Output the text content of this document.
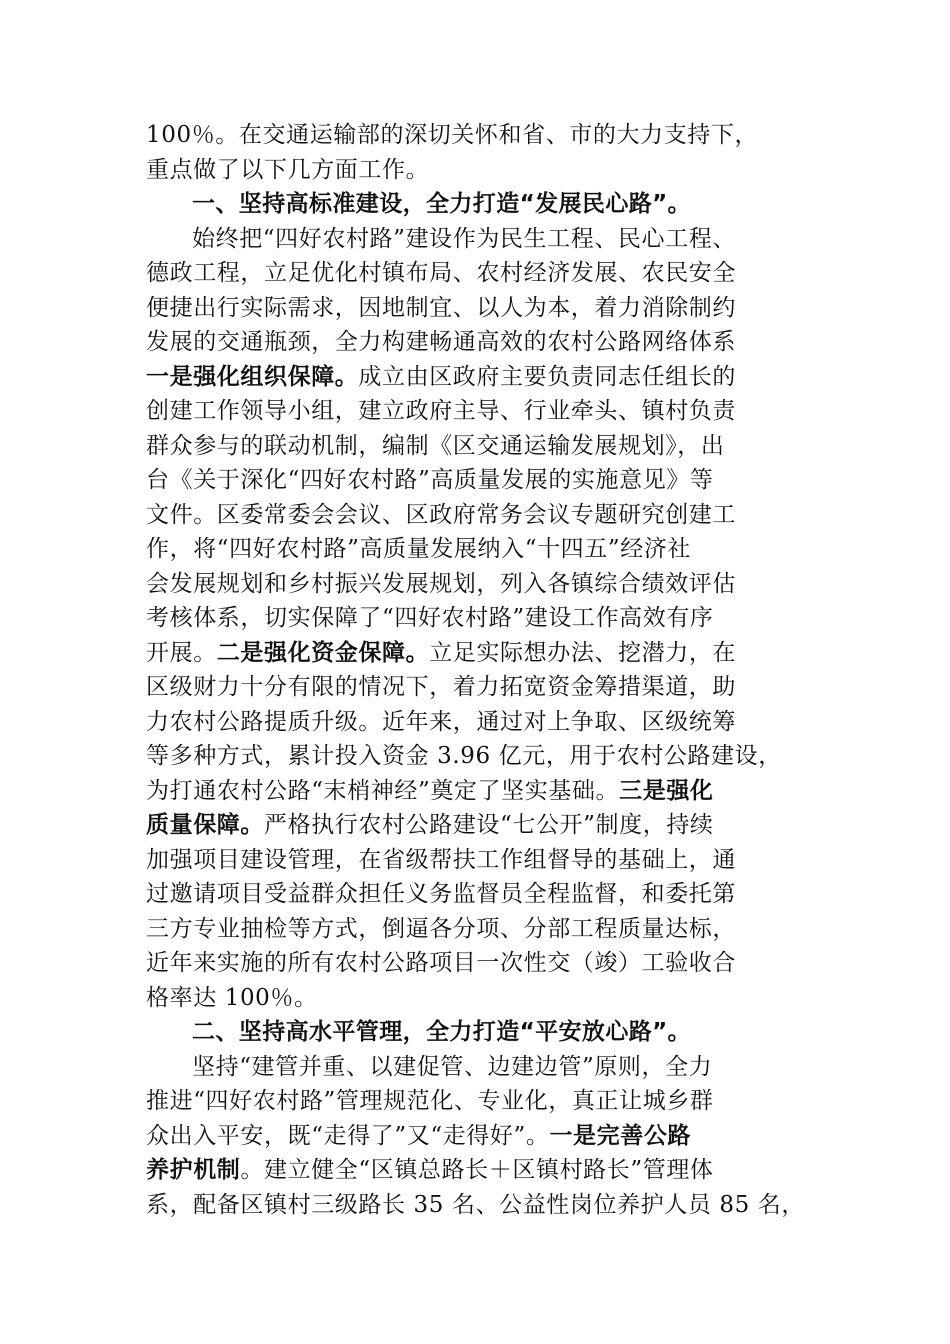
100％。在交通运输部的深切关怀和省、市的大力支持下，
重点做了以下几方面工作。
一、坚持高标准建设，全力打造“发展民心路”。
始终把“四好农村路”建设作为民生工程、民心工程、
德政工程，立足优化村镇布局、农村经济发展、农民安全
便捷出行实际需求，因地制宜、以人为本，着力消除制约
发展的交通瓶颈，全力构建畅通高效的农村公路网络体系
一是强化组织保障。成立由区政府主要负责同志任组长的
创建工作领导小组，建立政府主导、行业牵头、镇村负责
群众参与的联动机制，编制《区交通运输发展规划》，出
台《关于深化“四好农村路”高质量发展的实施意见》等
文件。区委常委会会议、区政府常务会议专题研究创建工
作，将“四好农村路”高质量发展纳入“十四五”经济社
会发展规划和乡村振兴发展规划，列入各镇综合绩效评估
考核体系，切实保障了“四好农村路”建设工作高效有序
开展。二是强化资金保障。立足实际想办法、挖潜力，在
区级财力十分有限的情况下，着力拓宽资金筹措渠道，助
力农村公路提质升级。近年来，通过对上争取、区级统筹
等多种方式，累计投入资金 3.96 亿元，用于农村公路建设，
为打通农村公路“末梢神经”奠定了坚实基础。三是强化
质量保障。严格执行农村公路建设“七公开”制度，持续
加强项目建设管理，在省级帮扶工作组督导的基础上，通
过邀请项目受益群众担任义务监督员全程监督，和委托第
三方专业抽检等方式，倒逼各分项、分部工程质量达标，
近年来实施的所有农村公路项目一次性交（竣）工验收合
格率达 100％。
二、坚持高水平管理，全力打造“平安放心路”。
坚持“建管并重、以建促管、边建边管”原则，全力
推进“四好农村路”管理规范化、专业化，真正让城乡群
众出入平安，既“走得了”又“走得好”。一是完善公路
养护机制。建立健全“区镇总路长＋区镇村路长”管理体
系，配备区镇村三级路长 35 名、公益性岗位养护人员 85 名，
